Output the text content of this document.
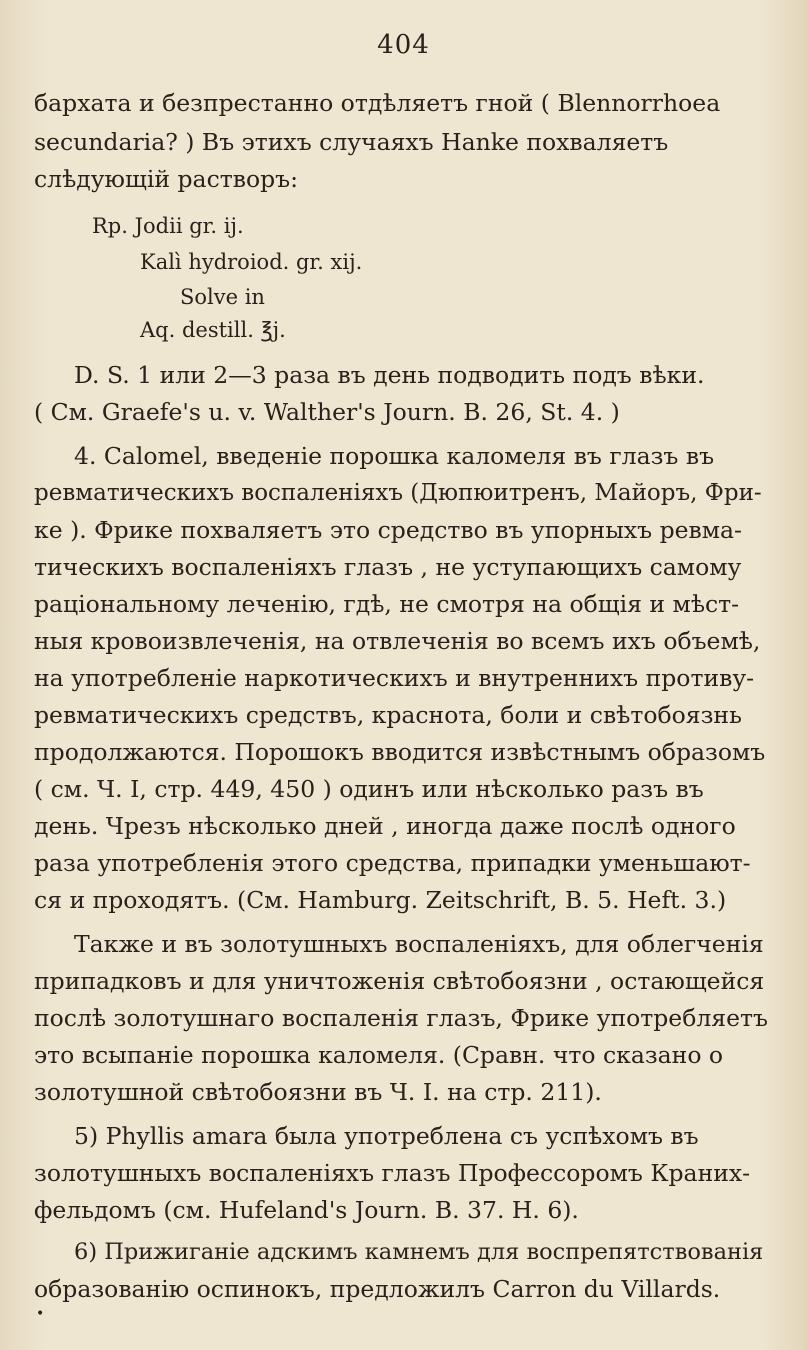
404
бархата и безпрестанно отдѣляетъ гной ( Blennorrhoea
secundaria? ) Въ этихъ случаяхъ Hanke похваляетъ
слѣдующій растворъ:
Rp. Jodii gr. ij.
Kalì hydroiod. gr. xij.
Solve in
Aq. destill. ℥j.
D. S. 1 или 2—3 раза въ день подводить подъ вѣки.
( См. Graefe's u. v. Walther's Journ. B. 26, St. 4. )
4. Calomel, введеніе порошка каломеля въ глазъ въ
ревматическихъ воспаленіяхъ (Дюпюитренъ, Майоръ, Фри-
ке ). Фрике похваляетъ это средство въ упорныхъ ревма-
тическихъ воспаленіяхъ глазъ , не уступающихъ самому
раціональному леченію, гдѣ, не смотря на общія и мѣст-
ныя кровоизвлеченія, на отвлеченія во всемъ ихъ объемѣ,
на употребленіе наркотическихъ и внутреннихъ противу-
ревматическихъ средствъ, краснота, боли и свѣтобоязнь
продолжаются. Порошокъ вводится извѣстнымъ образомъ
( см. Ч. I, стр. 449, 450 ) одинъ или нѣсколько разъ въ
день. Чрезъ нѣсколько дней , иногда даже послѣ одного
раза употребленія этого средства, припадки уменьшают-
ся и проходятъ. (См. Hamburg. Zeitschrift, B. 5. Heft. 3.)
Также и въ золотушныхъ воспаленіяхъ, для облегченія
припадковъ и для уничтоженія свѣтобоязни , остающейся
послѣ золотушнаго воспаленія глазъ, Фрике употребляетъ
это всыпаніе порошка каломеля. (Сравн. что сказано о
золотушной свѣтобоязни въ Ч. I. на стр. 211).
5) Phyllis amara была употреблена съ успѣхомъ въ
золотушныхъ воспаленіяхъ глазъ Профессоромъ Краних-
фельдомъ (см. Hufeland's Journ. B. 37. H. 6).
6) Прижиганіе адскимъ камнемъ для воспрепятствованія
образованію оспинокъ, предложилъ Carron du Villards.
•
